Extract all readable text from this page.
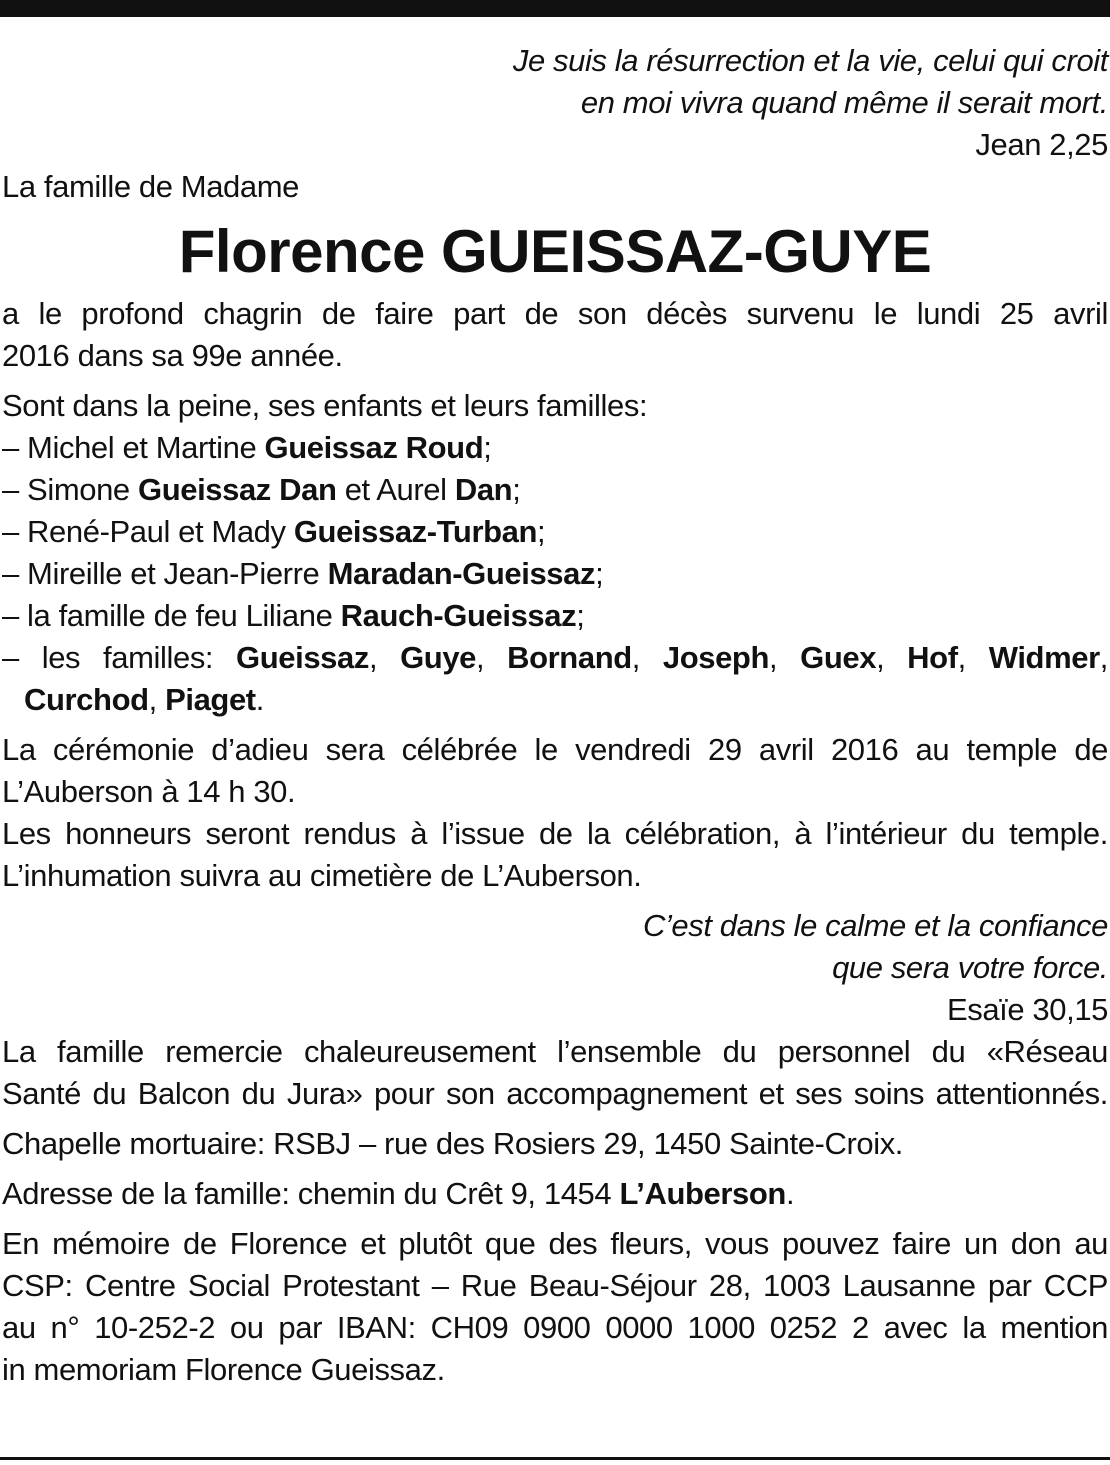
Je suis la résurrection et la vie, celui qui croit
en moi vivra quand même il serait mort.
Jean 2,25
La famille de Madame
Florence GUEISSAZ-GUYE
a le profond chagrin de faire part de son décès survenu le lundi 25 avril
2016 dans sa 99e année.
Sont dans la peine, ses enfants et leurs familles:
– Michel et Martine Gueissaz Roud;
– Simone Gueissaz Dan et Aurel Dan;
– René-Paul et Mady Gueissaz-Turban;
– Mireille et Jean-Pierre Maradan-Gueissaz;
– la famille de feu Liliane Rauch-Gueissaz;
– les familles: Gueissaz, Guye, Bornand, Joseph, Guex, Hof, Widmer,
Curchod, Piaget.
La cérémonie d’adieu sera célébrée le vendredi 29 avril 2016 au temple de
L’Auberson à 14 h 30.
Les honneurs seront rendus à l’issue de la célébration, à l’intérieur du temple.
L’inhumation suivra au cimetière de L’Auberson.
C’est dans le calme et la confiance
que sera votre force.
Esaïe 30,15
La famille remercie chaleureusement l’ensemble du personnel du «Réseau
Santé du Balcon du Jura» pour son accompagnement et ses soins attentionnés.
Chapelle mortuaire: RSBJ – rue des Rosiers 29, 1450 Sainte-Croix.
Adresse de la famille: chemin du Crêt 9, 1454 L’Auberson.
En mémoire de Florence et plutôt que des fleurs, vous pouvez faire un don au
CSP: Centre Social Protestant – Rue Beau-Séjour 28, 1003 Lausanne par CCP
au n° 10-252-2 ou par IBAN: CH09 0900 0000 1000 0252 2 avec la mention
in memoriam Florence Gueissaz.
